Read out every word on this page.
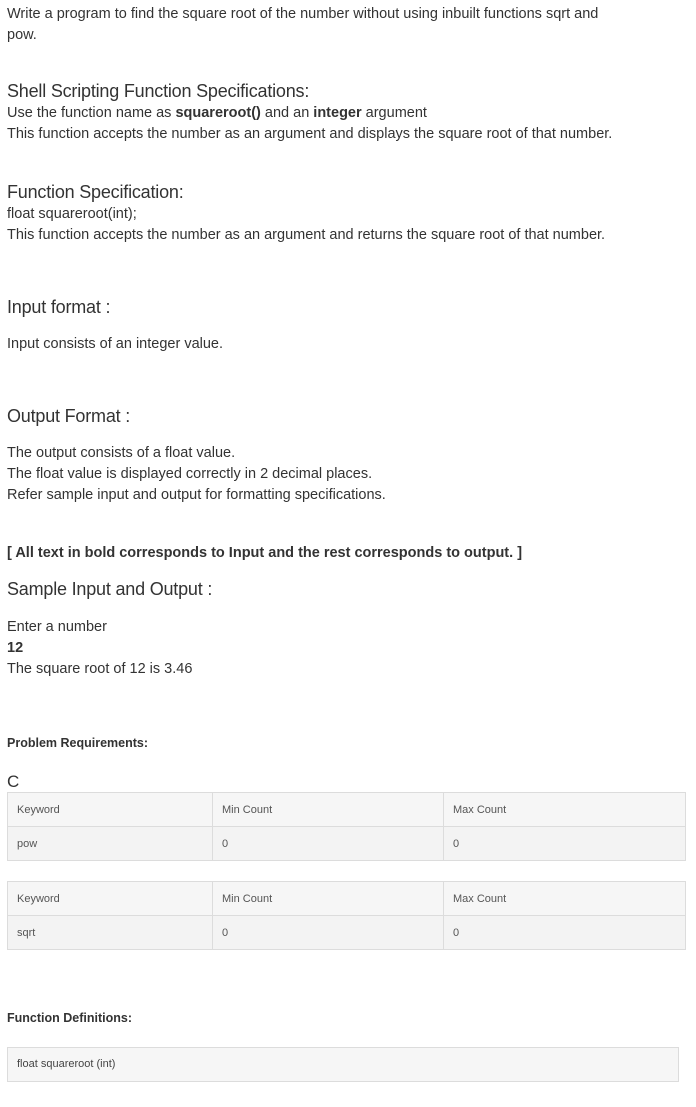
Write a program to find the square root of the number without using inbuilt functions sqrt and

pow.

Shell Scripting Function Specifications:

Use the function name as squareroot() and an integer argument

This function accepts the number as an argument and displays the square root of that number.

Function Specification:

float squareroot(int);

This function accepts the number as an argument and returns the square root of that number.

Input format :

Input consists of an integer value.

Output Format :

The output consists of a float value.

The float value is displayed correctly in 2 decimal places.

Refer sample input and output for formatting specifications.

[ All text in bold corresponds to Input and the rest corresponds to output. ]

Sample Input and Output :

Enter a number

12

The square root of 12 is 3.46

Problem Requirements:

C

Keyword	Min Count	Max Count
pow	0	0
Keyword	Min Count	Max Count
sqrt	0	0

Function Definitions:

float squareroot (int)
